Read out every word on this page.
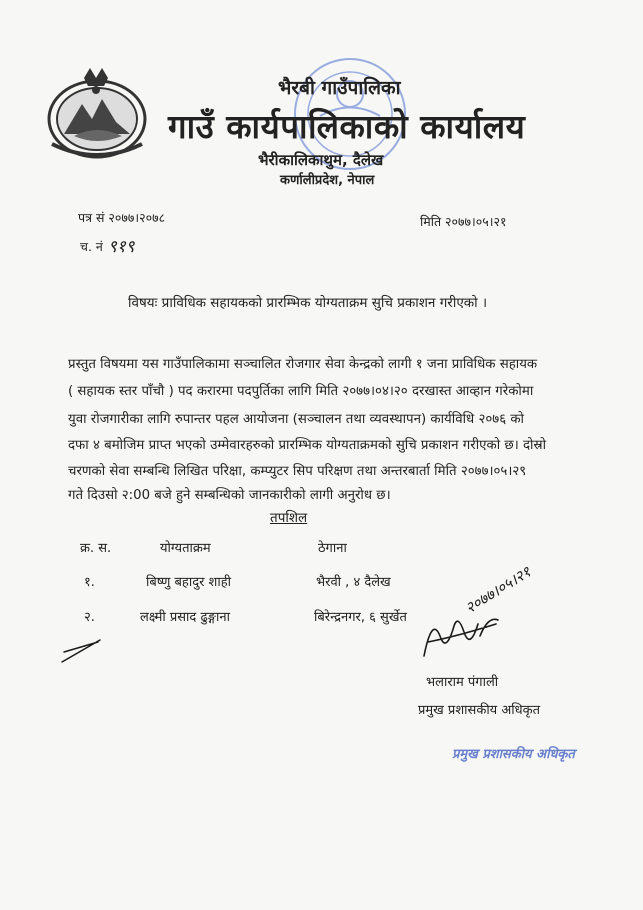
भैरबी गाउँपालिका
गाउँ कार्यपालिकाको कार्यालय
भैरीकालिकाथुम, दैलेख
कर्णालीप्रदेश, नेपाल
पत्र सं २०७७।२०७८
च. नं ९१९
मिति २०७७।०५।२१
विषयः प्राविधिक सहायकको प्रारम्भिक योग्यताक्रम सुचि प्रकाशन गरीएको ।
प्रस्तुत विषयमा यस गाउँपालिकामा सञ्चालित रोजगार सेवा केन्द्रको लागी १ जना प्राविधिक सहायक
( सहायक स्तर पाँचौ ) पद करारमा पदपुर्तिका लागि मिति २०७७।०४।२० दरखास्त आव्हान गरेकोमा
युवा रोजगारीका लागि रुपान्तर पहल आयोजना (सञ्चालन तथा व्यवस्थापन) कार्यविधि २०७६ को
दफा ४ बमोजिम प्राप्त भएको उम्मेवारहरुको प्रारम्भिक योग्यताक्रमको सुचि प्रकाशन गरीएको छ। दोस्रो
चरणको सेवा सम्बन्धि लिखित परिक्षा, कम्प्युटर सिप परिक्षण तथा अन्तरबार्ता मिति २०७७।०५।२९
गते दिउसो २:00 बजे हुने सम्बन्धिको जानकारीको लागी अनुरोध छ।
तपशिल
क्र. स.	योग्यताक्रम	ठेगाना
१.	बिष्णु बहादुर शाही	भैरवी , ४ दैलेख
२.	लक्ष्मी प्रसाद ढुङ्गाना	बिरेन्द्रनगर, ६ सुर्खेत
२०७७।०५।२१
भलाराम पंगाली
प्रमुख प्रशासकीय अधिकृत
प्रमुख प्रशासकीय अधिकृत
